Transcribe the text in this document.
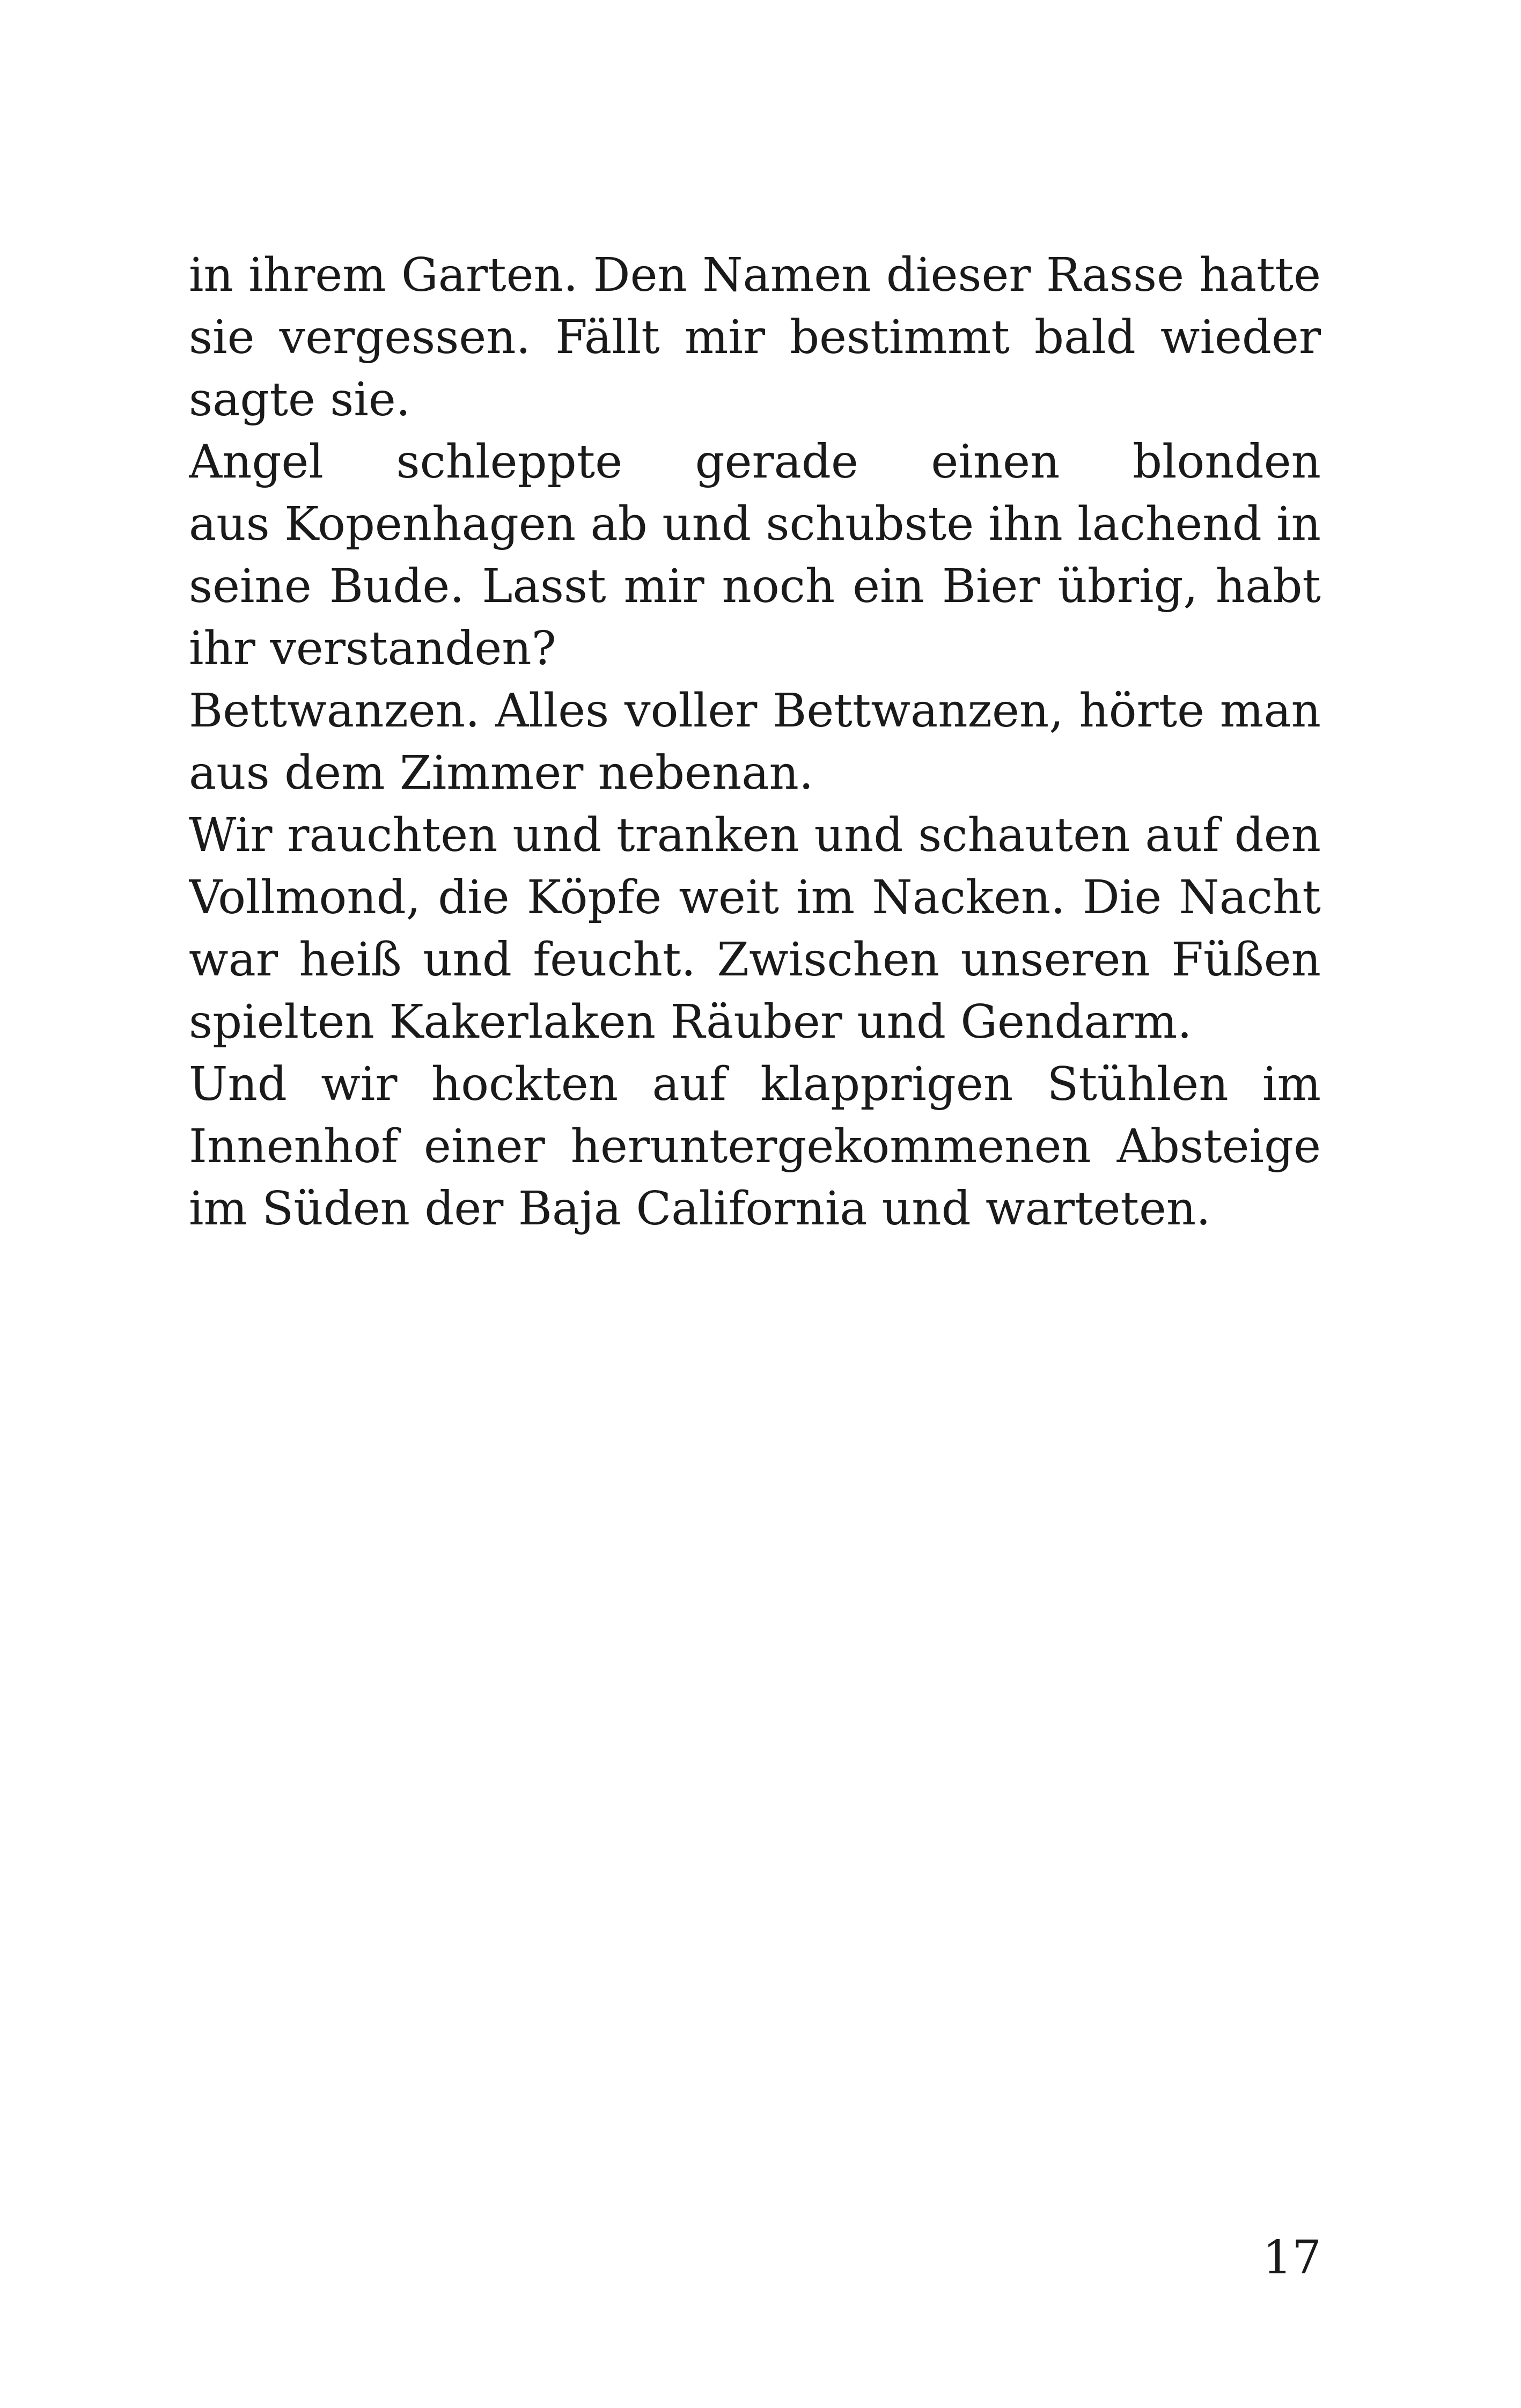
in ihrem Garten. Den Namen dieser Rasse hatte
sie vergessen. Fällt mir bestimmt bald wieder
sagte sie.
Angel schleppte gerade einen blonden
aus Kopenhagen ab und schubste ihn lachend in
seine Bude. Lasst mir noch ein Bier übrig, habt
ihr verstanden?
Bettwanzen. Alles voller Bettwanzen, hörte man
aus dem Zimmer nebenan.
Wir rauchten und tranken und schauten auf den
Vollmond, die Köpfe weit im Nacken. Die Nacht
war heiß und feucht. Zwischen unseren Füßen
spielten Kakerlaken Räuber und Gendarm.
Und wir hockten auf klapprigen Stühlen im
Innenhof einer heruntergekommenen Absteige
im Süden der Baja California und warteten.
17
